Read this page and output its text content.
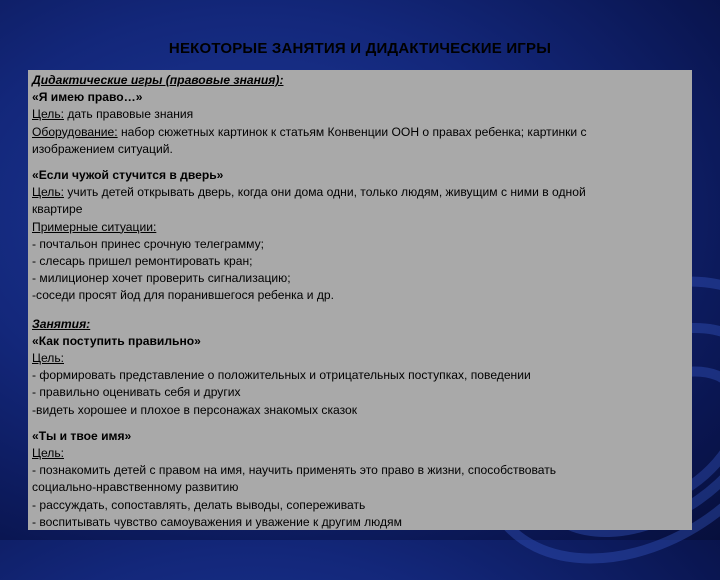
НЕКОТОРЫЕ ЗАНЯТИЯ И ДИДАКТИЧЕСКИЕ ИГРЫ
Дидактические игры (правовые знания):
«Я имею право…»
Цель: дать правовые знания
Оборудование: набор сюжетных картинок к статьям Конвенции ООН о правах ребенка; картинки с
изображением ситуаций.
«Если чужой стучится в дверь»
Цель: учить детей открывать дверь, когда они дома одни, только людям, живущим с ними в одной
квартире
Примерные ситуации:
- почтальон принес срочную телеграмму;
- слесарь пришел ремонтировать кран;
- милиционер хочет проверить сигнализацию;
-соседи просят йод для поранившегося ребенка и др.
Занятия:
«Как поступить правильно»
Цель:
- формировать представление о положительных и отрицательных поступках, поведении
- правильно оценивать себя и других
-видеть хорошее и плохое в персонажах знакомых сказок
«Ты и твое имя»
Цель:
- познакомить детей с правом на имя, научить применять это право в жизни, способствовать
социально-нравственному развитию
- рассуждать, сопоставлять, делать выводы, сопереживать
- воспитывать чувство самоуважения и уважение к другим людям
